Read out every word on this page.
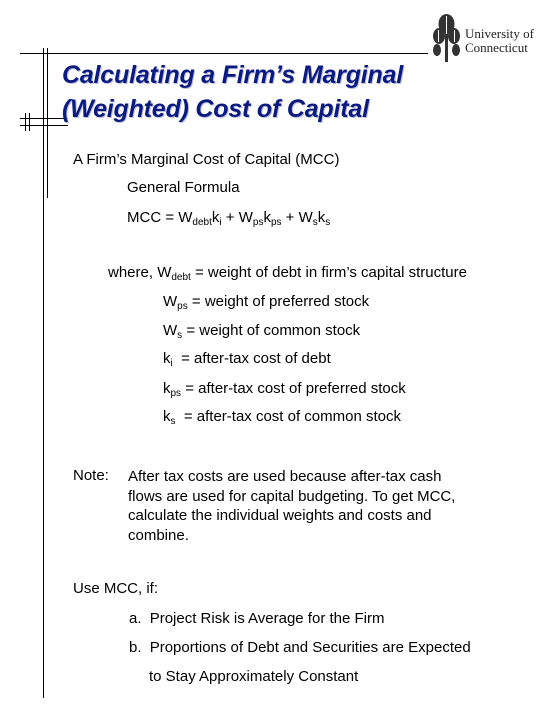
University of
Connecticut
Calculating a Firm’s Marginal
(Weighted) Cost of Capital
A Firm’s Marginal Cost of Capital (MCC)
General Formula
MCC = $W_{debt}k_i + W_{ps}k_{ps} + W_sk_s$
where, $W_{debt}$ = weight of debt in firm’s capital structure
$W_{ps}$ = weight of preferred stock
$W_s$ = weight of common stock
$k_i$  = after-tax cost of debt
$k_{ps}$ = after-tax cost of preferred stock
$k_s$  = after-tax cost of common stock
Note: After tax costs are used because after-tax cash flows are used for capital budgeting. To get MCC, calculate the individual weights and costs and combine.
Use MCC, if:
a. Project Risk is Average for the Firm
b. Proportions of Debt and Securities are Expected
to Stay Approximately Constant
